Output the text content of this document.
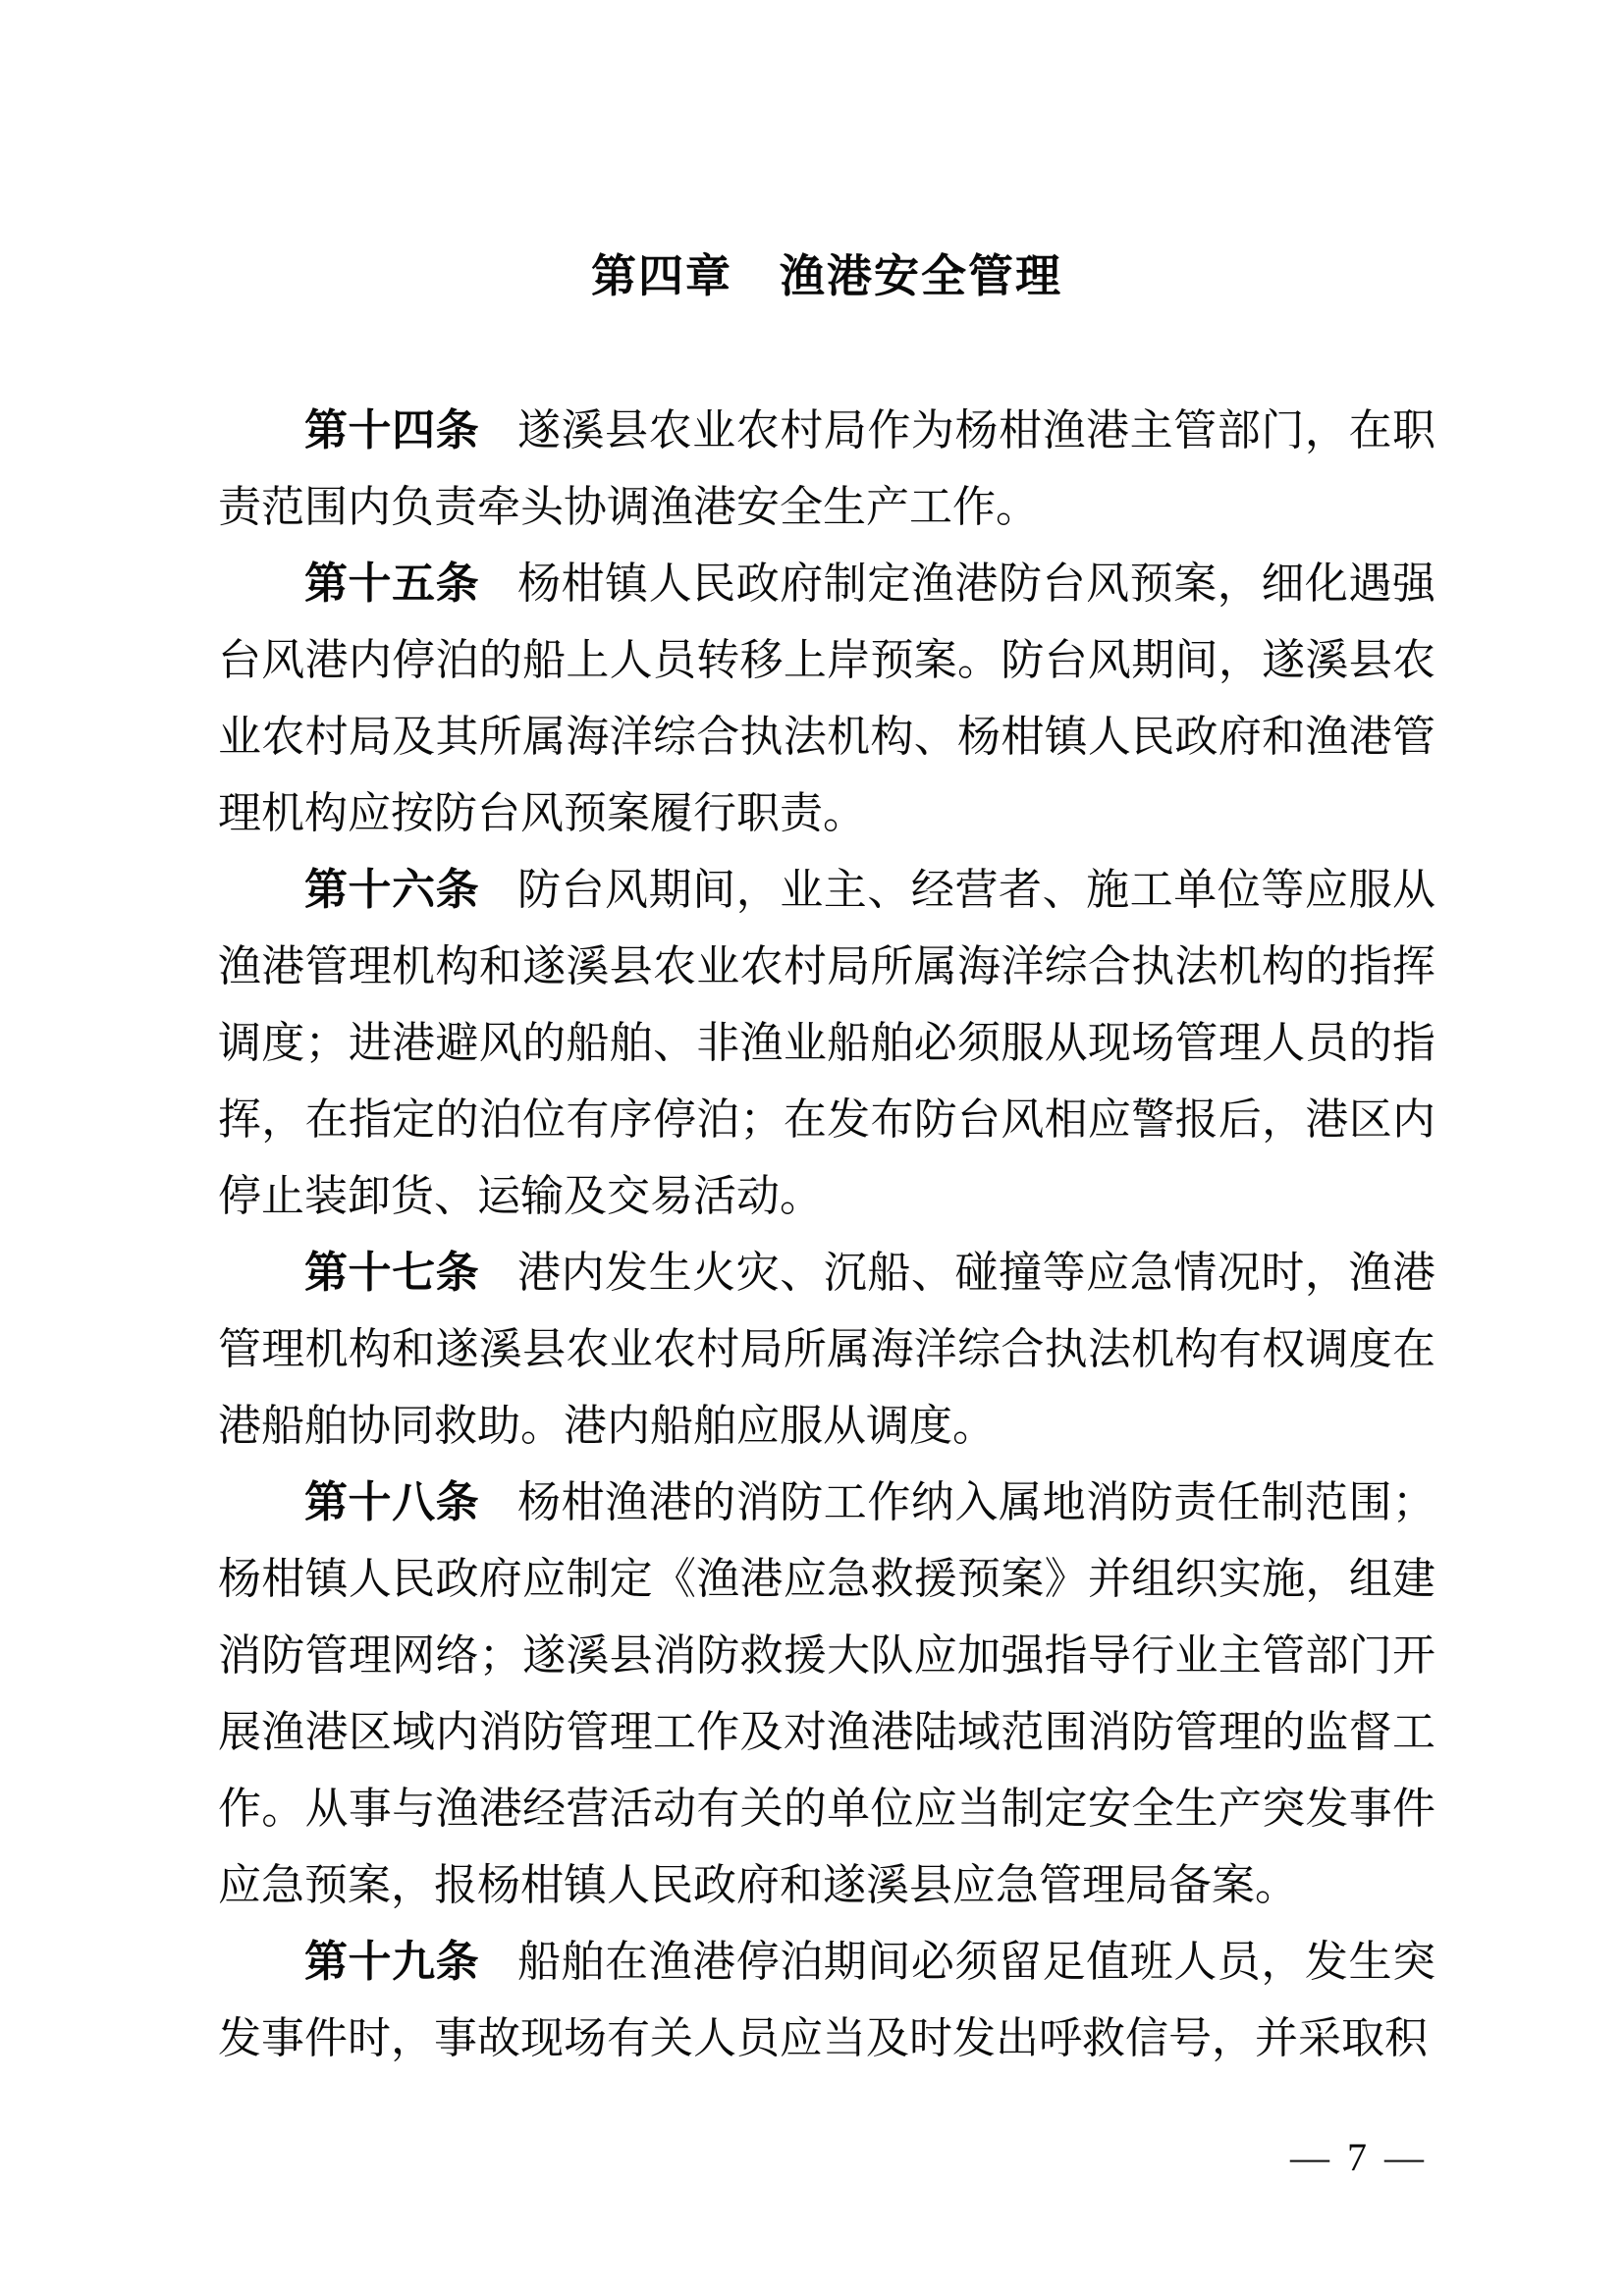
第四章　渔港安全管理

第十四条 遂溪县农业农村局作为杨柑渔港主管部门，在职责范围内负责牵头协调渔港安全生产工作。

第十五条 杨柑镇人民政府制定渔港防台风预案，细化遇强台风港内停泊的船上人员转移上岸预案。防台风期间，遂溪县农业农村局及其所属海洋综合执法机构、杨柑镇人民政府和渔港管理机构应按防台风预案履行职责。

第十六条 防台风期间，业主、经营者、施工单位等应服从渔港管理机构和遂溪县农业农村局所属海洋综合执法机构的指挥调度；进港避风的船舶、非渔业船舶必须服从现场管理人员的指挥，在指定的泊位有序停泊；在发布防台风相应警报后，港区内停止装卸货、运输及交易活动。

第十七条 港内发生火灾、沉船、碰撞等应急情况时，渔港管理机构和遂溪县农业农村局所属海洋综合执法机构有权调度在港船舶协同救助。港内船舶应服从调度。

第十八条 杨柑渔港的消防工作纳入属地消防责任制范围；杨柑镇人民政府应制定《渔港应急救援预案》并组织实施，组建消防管理网络；遂溪县消防救援大队应加强指导行业主管部门开展渔港区域内消防管理工作及对渔港陆域范围消防管理的监督工作。从事与渔港经营活动有关的单位应当制定安全生产突发事件应急预案，报杨柑镇人民政府和遂溪县应急管理局备案。

第十九条 船舶在渔港停泊期间必须留足值班人员，发生突发事件时，事故现场有关人员应当及时发出呼救信号，并采取积

— 7 —
